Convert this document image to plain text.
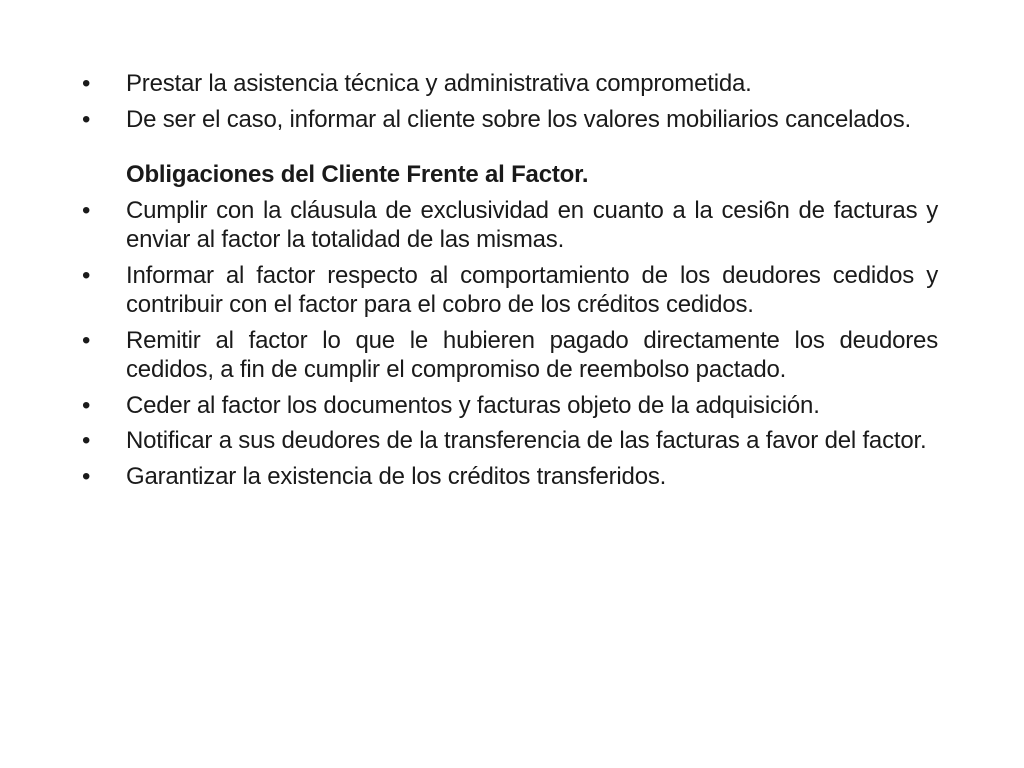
•	Prestar la asistencia técnica y administrativa comprometida.
•	De ser el caso, informar al cliente sobre los valores mobiliarios cancelados.
Obligaciones del Cliente Frente al Factor.
•	Cumplir con la cláusula de exclusividad en cuanto a la cesi6n de facturas y enviar al factor la totalidad de las mismas.
•	Informar al factor respecto al comportamiento de los deudores cedidos y contribuir con el factor para el cobro de los créditos cedidos.
•	Remitir al factor lo que le hubieren pagado directamente los deudores cedidos, a fin de cumplir el compromiso de reembolso pactado.
•	Ceder al factor los documentos y facturas objeto de la adquisición.
•	Notificar a sus deudores de la transferencia de las facturas a favor del factor.
•	Garantizar la existencia de los créditos transferidos.
